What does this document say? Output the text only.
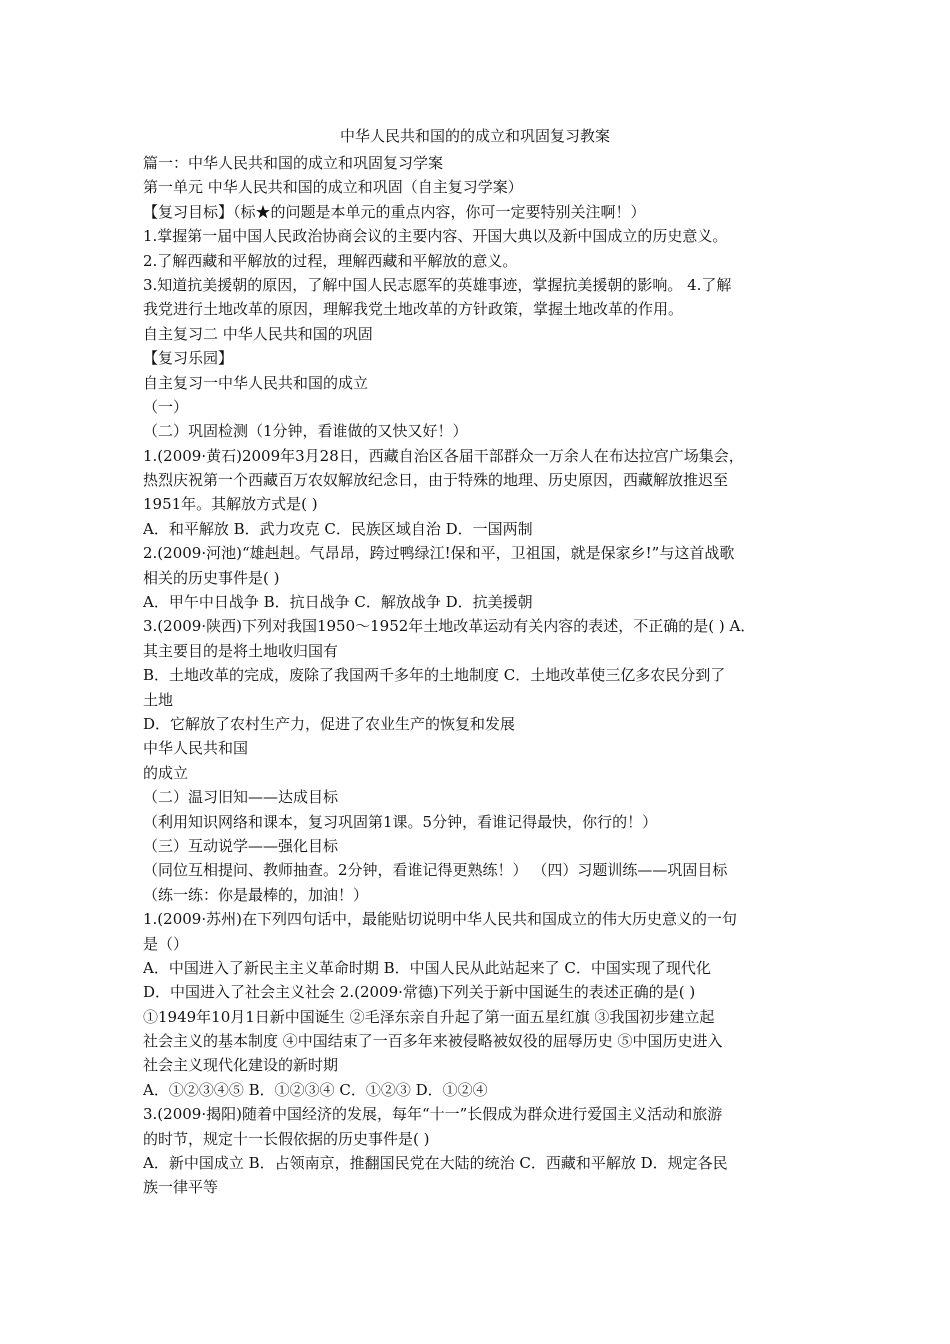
中华人民共和国的的成立和巩固复习教案
篇一：中华人民共和国的成立和巩固复习学案
第一单元 中华人民共和国的成立和巩固（自主复习学案）
【复习目标】（标★的问题是本单元的重点内容，你可一定要特别关注啊！）
1.掌握第一届中国人民政治协商会议的主要内容、开国大典以及新中国成立的历史意义。
2.了解西藏和平解放的过程，理解西藏和平解放的意义。
3.知道抗美援朝的原因，了解中国人民志愿军的英雄事迹，掌握抗美援朝的影响。 4.了解
我党进行土地改革的原因，理解我党土地改革的方针政策，掌握土地改革的作用。
自主复习二 中华人民共和国的巩固
【复习乐园】
自主复习一中华人民共和国的成立
（一）
（二）巩固检测（1分钟，看谁做的又快又好！）
1.(2009·黄石)2009年3月28日，西藏自治区各届干部群众一万余人在布达拉宫广场集会，
热烈庆祝第一个西藏百万农奴解放纪念日，由于特殊的地理、历史原因，西藏解放推迟至
1951年。其解放方式是( )
A．和平解放 B．武力攻克 C．民族区域自治 D．一国两制
2.(2009·河池)“雄赳赳。气昂昂，跨过鸭绿江!保和平，卫祖国，就是保家乡!”与这首战歌
相关的历史事件是( )
A．甲午中日战争 B．抗日战争 C．解放战争 D．抗美援朝
3.(2009·陕西)下列对我国1950～1952年土地改革运动有关内容的表述，不正确的是( ) A．
其主要目的是将土地收归国有
B．土地改革的完成，废除了我国两千多年的土地制度 C．土地改革使三亿多农民分到了
土地
D．它解放了农村生产力，促进了农业生产的恢复和发展
中华人民共和国
的成立
（二）温习旧知——达成目标
（利用知识网络和课本，复习巩固第1课。5分钟，看谁记得最快，你行的！）
（三）互动说学——强化目标
（同位互相提问、教师抽查。2分钟，看谁记得更熟练！） （四）习题训练——巩固目标
（练一练：你是最棒的，加油！）
1.(2009·苏州)在下列四句话中，最能贴切说明中华人民共和国成立的伟大历史意义的一句
是（）
A．中国进入了新民主主义革命时期 B．中国人民从此站起来了 C．中国实现了现代化
D．中国进入了社会主义社会 2.(2009·常德)下列关于新中国诞生的表述正确的是( )
①1949年10月1日新中国诞生 ②毛泽东亲自升起了第一面五星红旗 ③我国初步建立起
社会主义的基本制度 ④中国结束了一百多年来被侵略被奴役的屈辱历史 ⑤中国历史进入
社会主义现代化建设的新时期
A．①②③④⑤ B．①②③④ C．①②③ D．①②④
3.(2009·揭阳)随着中国经济的发展，每年“十一”长假成为群众进行爱国主义活动和旅游
的时节，规定十一长假依据的历史事件是( )
A．新中国成立 B．占领南京，推翻国民党在大陆的统治 C．西藏和平解放 D．规定各民
族一律平等
